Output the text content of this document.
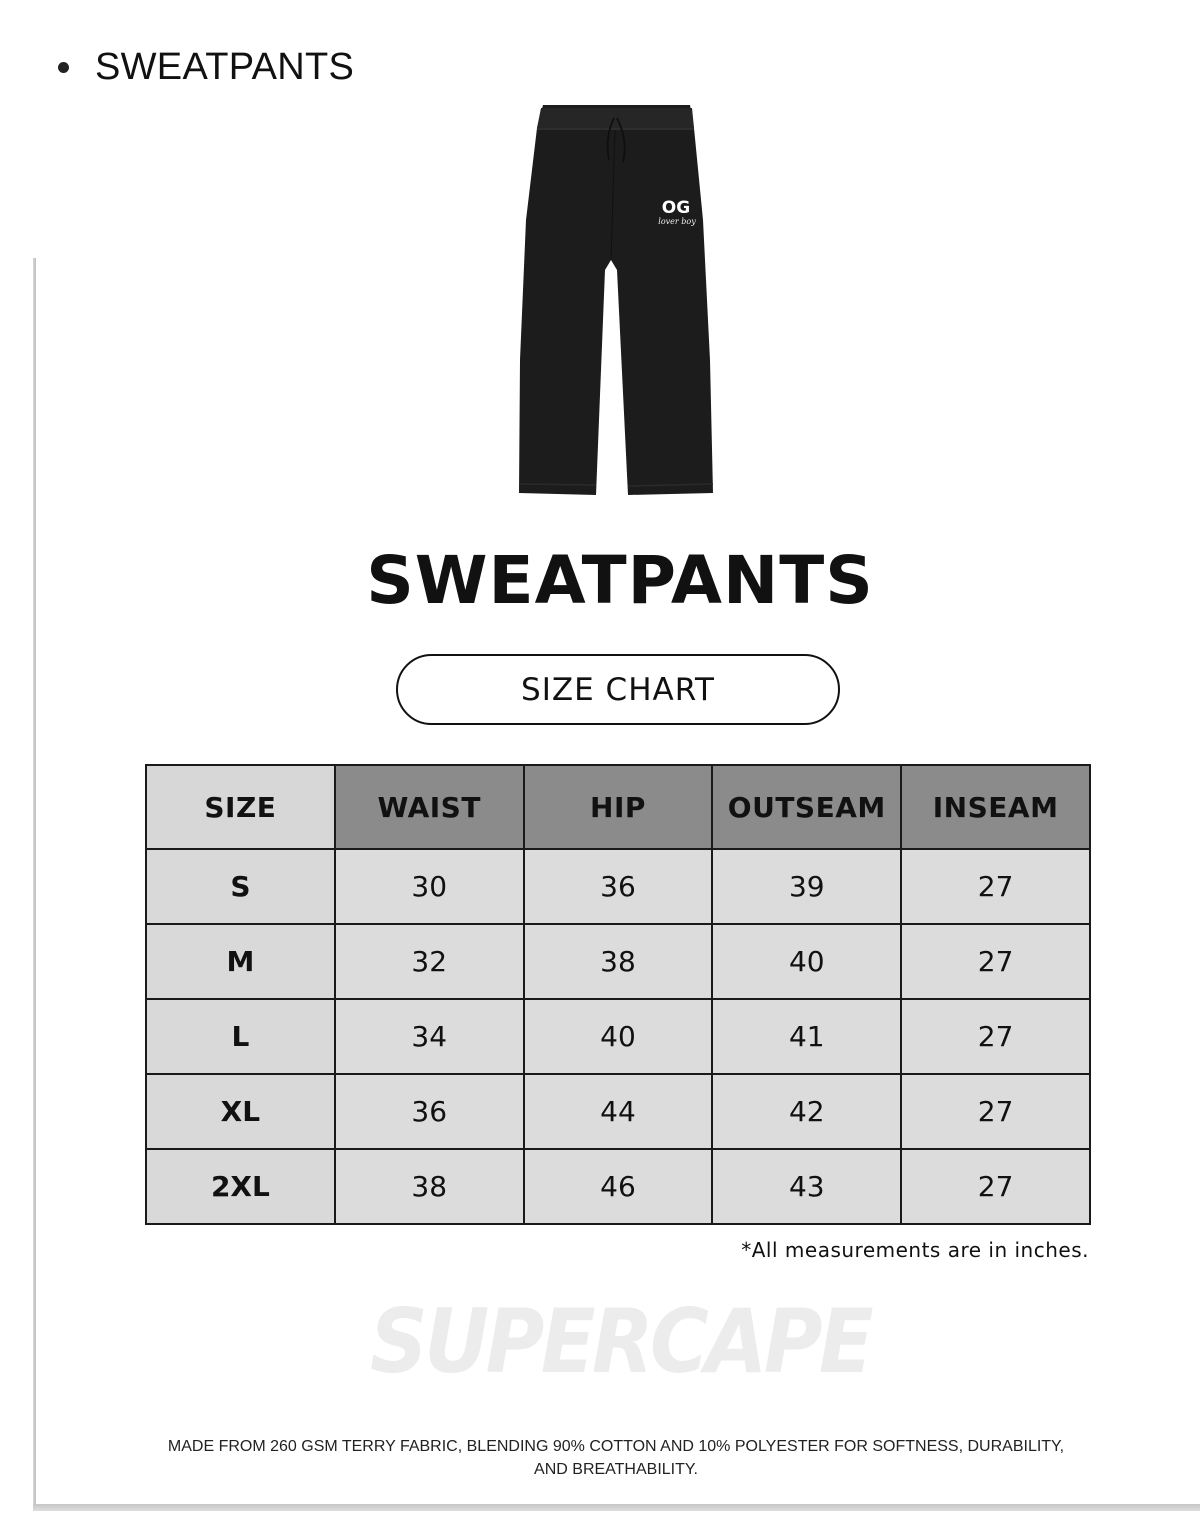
SWEATPANTS
OG
lover boy
SWEATPANTS
SIZE CHART
SIZE	WAIST	HIP	OUTSEAM	INSEAM
S	30	36	39	27
M	32	38	40	27
L	34	40	41	27
XL	36	44	42	27
2XL	38	46	43	27
*All measurements are in inches.
SUPERCAPE
MADE FROM 260 GSM TERRY FABRIC, BLENDING 90% COTTON AND 10% POLYESTER FOR SOFTNESS, DURABILITY, AND BREATHABILITY.
